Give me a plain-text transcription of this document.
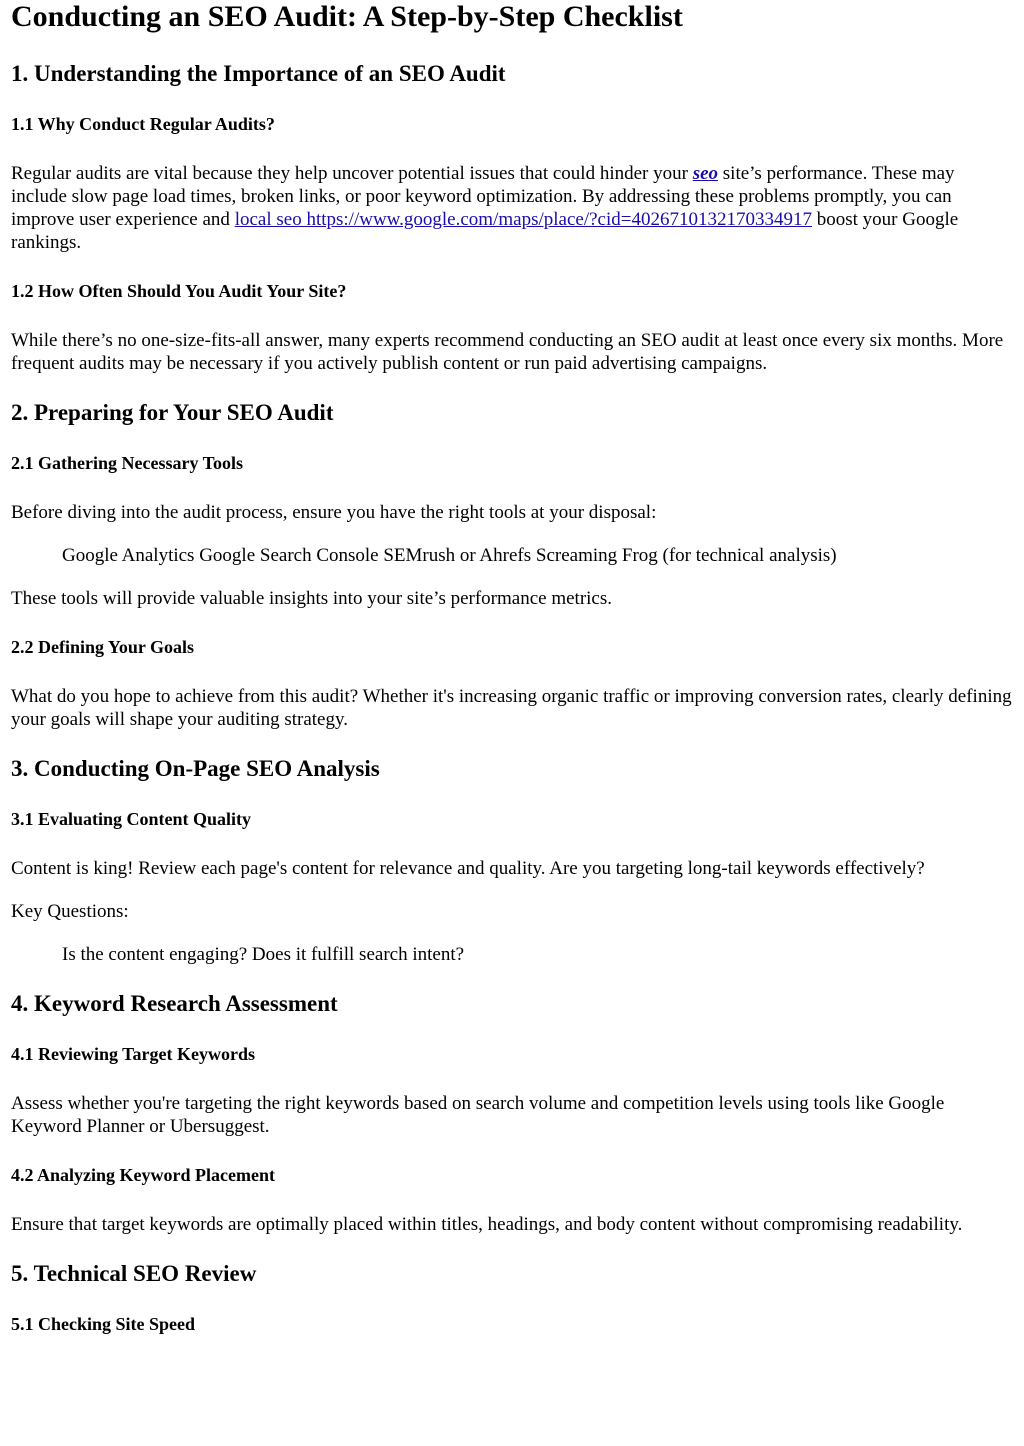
Conducting an SEO Audit: A Step-by-Step Checklist
1. Understanding the Importance of an SEO Audit
1.1 Why Conduct Regular Audits?

Regular audits are vital because they help uncover potential issues that could hinder your seo site’s performance. These may include slow page load times, broken links, or poor keyword optimization. By addressing these problems promptly, you can improve user experience and local seo https://www.google.com/maps/place/?cid=4026710132170334917 boost your Google rankings.

1.2 How Often Should You Audit Your Site?

While there’s no one-size-fits-all answer, many experts recommend conducting an SEO audit at least once every six months. More frequent audits may be necessary if you actively publish content or run paid advertising campaigns.

2. Preparing for Your SEO Audit
2.1 Gathering Necessary Tools

Before diving into the audit process, ensure you have the right tools at your disposal:

Google Analytics Google Search Console SEMrush or Ahrefs Screaming Frog (for technical analysis)

These tools will provide valuable insights into your site’s performance metrics.

2.2 Defining Your Goals

What do you hope to achieve from this audit? Whether it's increasing organic traffic or improving conversion rates, clearly defining your goals will shape your auditing strategy.

3. Conducting On-Page SEO Analysis
3.1 Evaluating Content Quality

Content is king! Review each page's content for relevance and quality. Are you targeting long-tail keywords effectively?

Key Questions:

Is the content engaging? Does it fulfill search intent?
4. Keyword Research Assessment
4.1 Reviewing Target Keywords

Assess whether you're targeting the right keywords based on search volume and competition levels using tools like Google Keyword Planner or Ubersuggest.

4.2 Analyzing Keyword Placement

Ensure that target keywords are optimally placed within titles, headings, and body content without compromising readability.

5. Technical SEO Review
5.1 Checking Site Speed
